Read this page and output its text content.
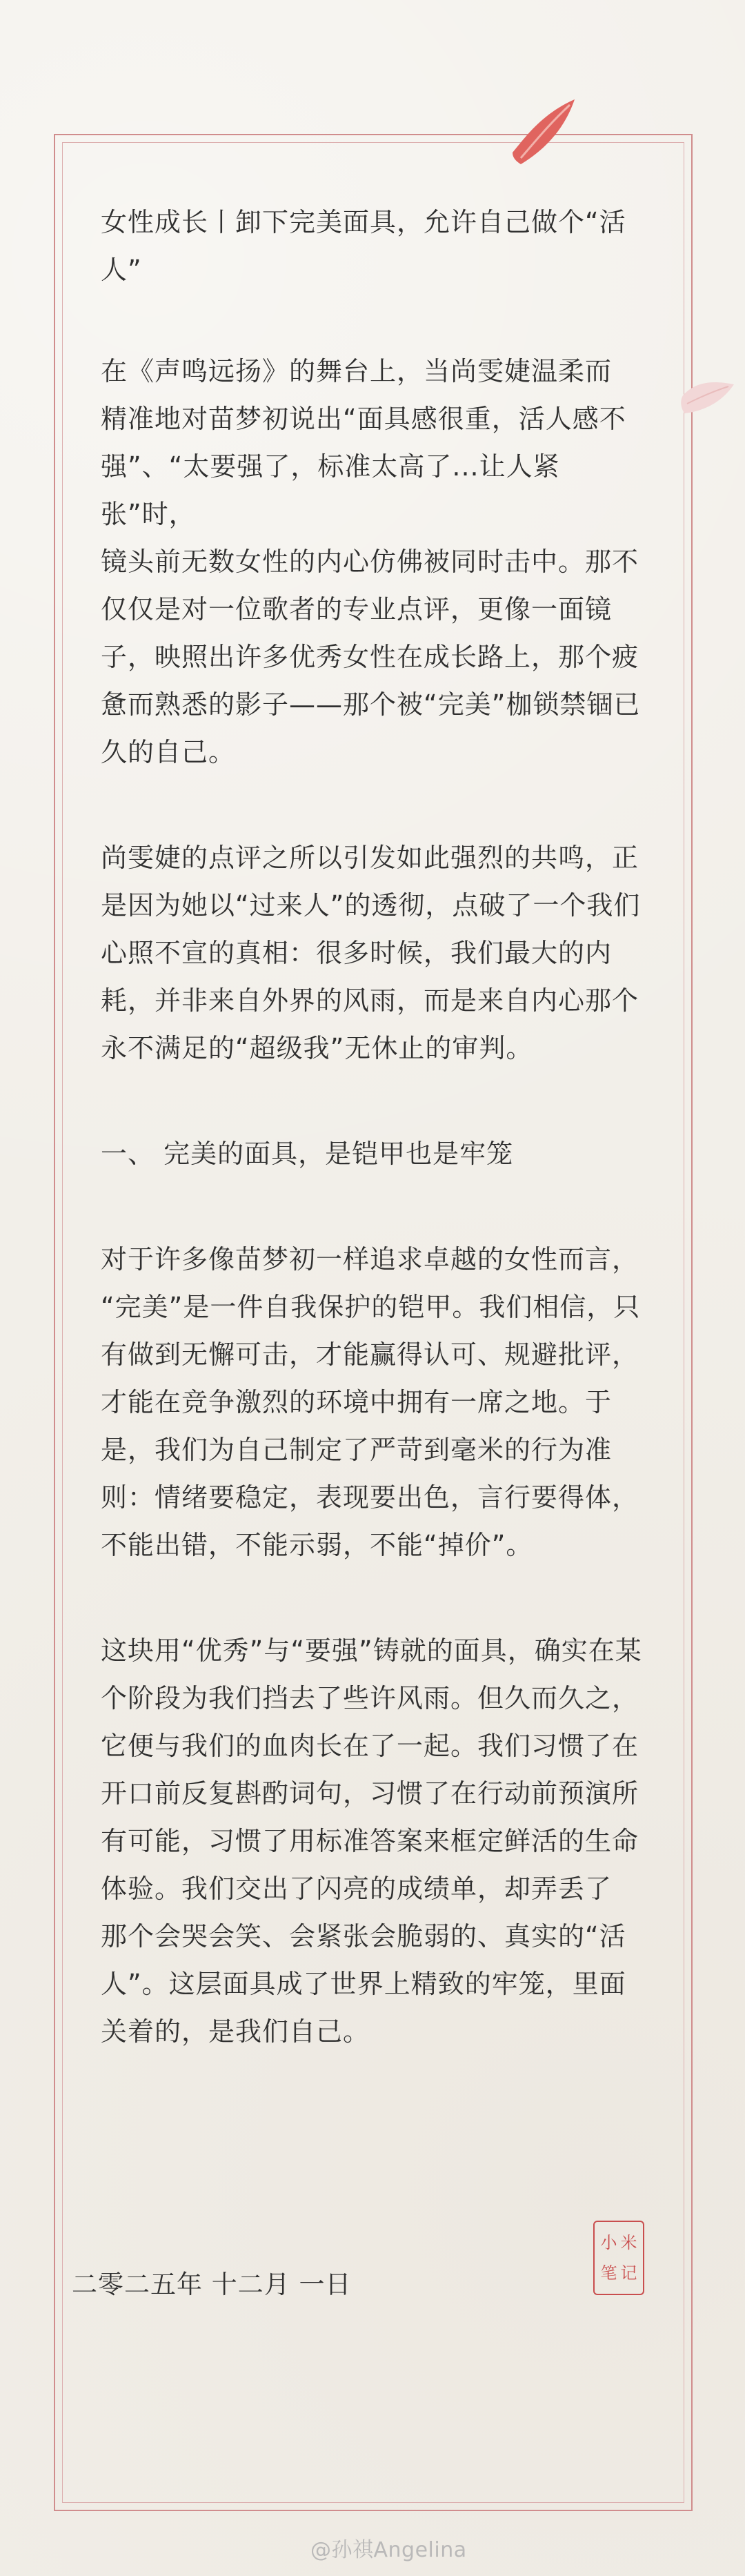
女性成长丨卸下完美面具，允许自己做个“活
人”

在《声鸣远扬》的舞台上，当尚雯婕温柔而
精准地对苗梦初说出“面具感很重，活人感不
强”、“太要强了，标准太高了...让人紧张”时，
镜头前无数女性的内心仿佛被同时击中。那不
仅仅是对一位歌者的专业点评，更像一面镜
子，映照出许多优秀女性在成长路上，那个疲
惫而熟悉的影子——那个被“完美”枷锁禁锢已
久的自己。

尚雯婕的点评之所以引发如此强烈的共鸣，正
是因为她以“过来人”的透彻，点破了一个我们
心照不宣的真相：很多时候，我们最大的内
耗，并非来自外界的风雨，而是来自内心那个
永不满足的“超级我”无休止的审判。

一、 完美的面具，是铠甲也是牢笼

对于许多像苗梦初一样追求卓越的女性而言，
“完美”是一件自我保护的铠甲。我们相信，只
有做到无懈可击，才能赢得认可、规避批评，
才能在竞争激烈的环境中拥有一席之地。于
是，我们为自己制定了严苛到毫米的行为准
则：情绪要稳定，表现要出色，言行要得体，
不能出错，不能示弱，不能“掉价”。

这块用“优秀”与“要强”铸就的面具，确实在某
个阶段为我们挡去了些许风雨。但久而久之，
它便与我们的血肉长在了一起。我们习惯了在
开口前反复斟酌词句，习惯了在行动前预演所
有可能，习惯了用标准答案来框定鲜活的生命
体验。我们交出了闪亮的成绩单，却弄丢了
那个会哭会笑、会紧张会脆弱的、真实的“活
人”。这层面具成了世界上精致的牢笼，里面
关着的，是我们自己。

二零二五年 十二月 一日
小 米
笔 记
@孙祺Angelina
